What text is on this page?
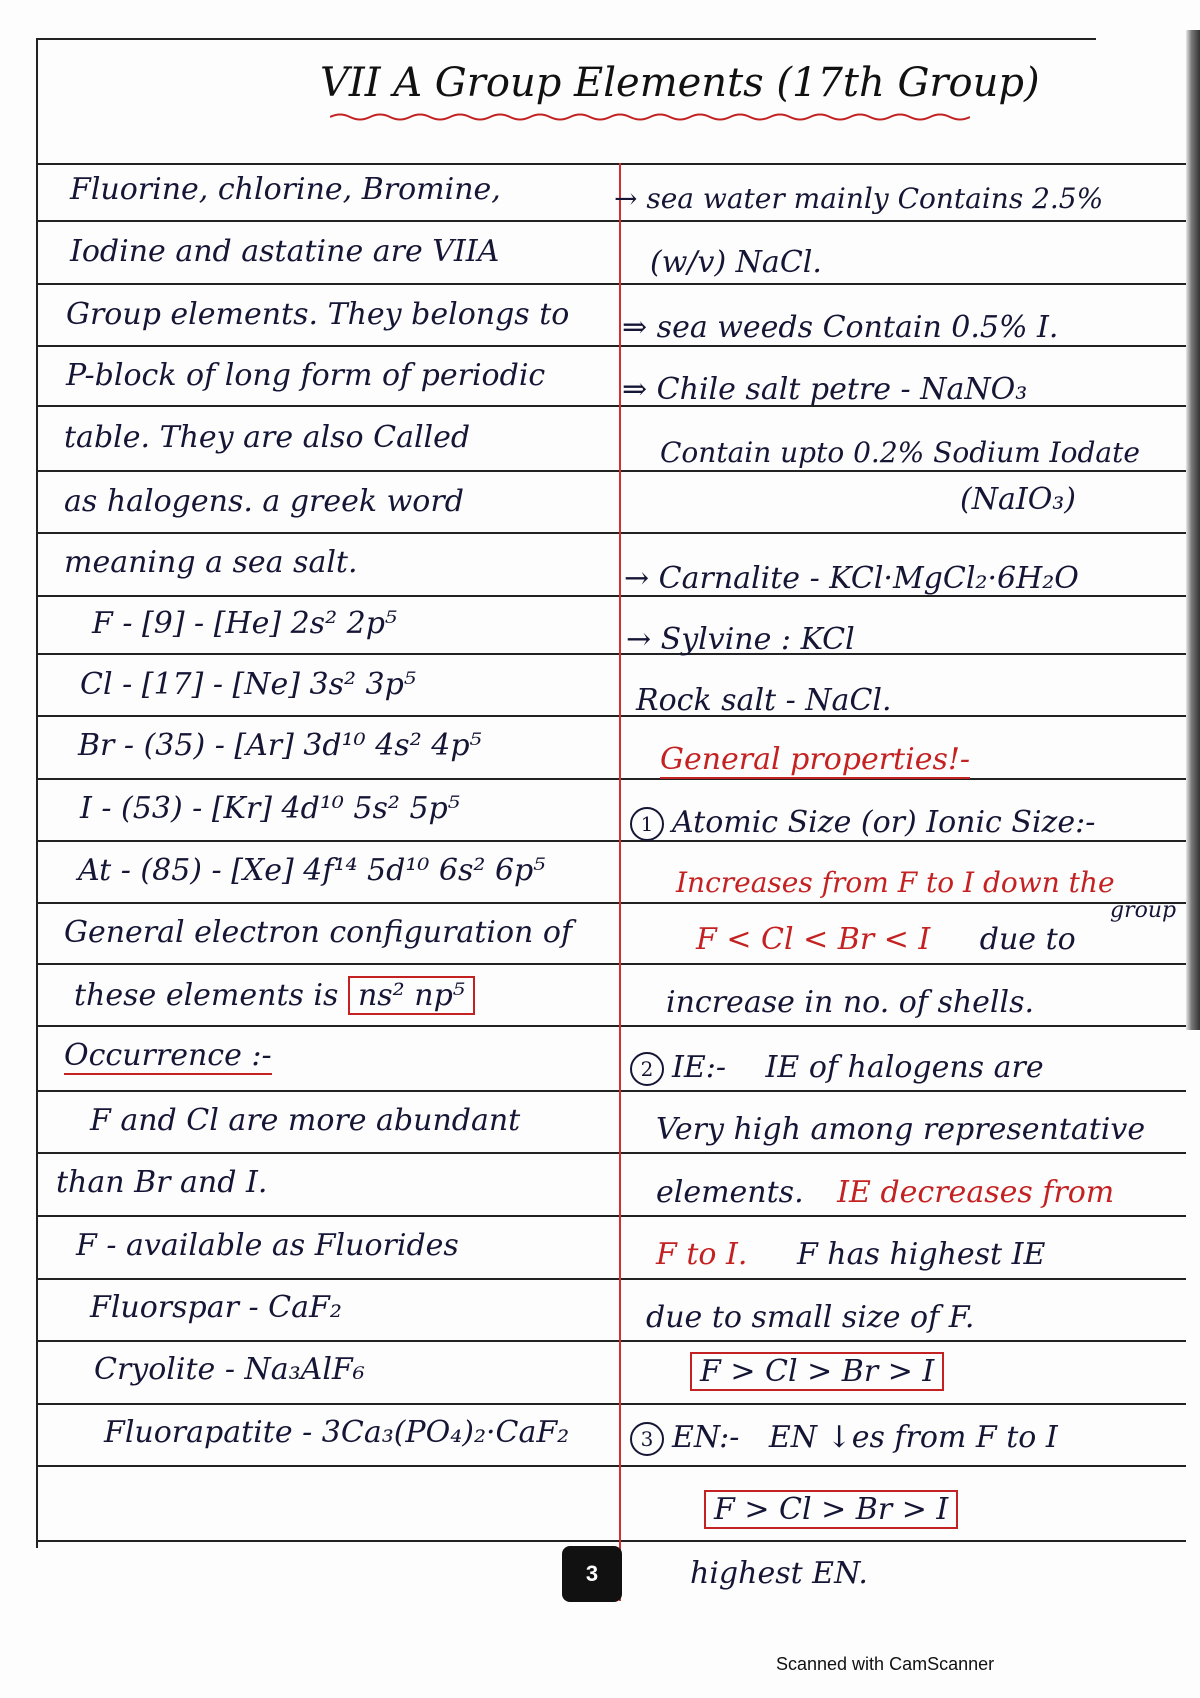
VII A Group Elements (17th Group)
Fluorine, chlorine, Bromine,
Iodine and astatine are VIIA
Group elements. They belongs to
P-block of long form of periodic
table. They are also Called
as halogens. a greek word
meaning a sea salt.
F - [9] - [He] 2s² 2p⁵
Cl - [17] - [Ne] 3s² 3p⁵
Br - (35) - [Ar] 3d¹⁰ 4s² 4p⁵
I - (53) - [Kr] 4d¹⁰ 5s² 5p⁵
At - (85) - [Xe] 4f¹⁴ 5d¹⁰ 6s² 6p⁵
General electron configuration of
these elements is ns² np⁵
Occurrence :-
F and Cl are more abundant
than Br and I.
F - available as Fluorides
Fluorspar - CaF₂
Cryolite - Na₃AlF₆
Fluorapatite - 3Ca₃(PO₄)₂·CaF₂
→ sea water mainly Contains 2.5%
(w/v) NaCl.
⇒ sea weeds Contain 0.5% I.
⇒ Chile salt petre - NaNO₃
Contain upto 0.2% Sodium Iodate
(NaIO₃)
→ Carnalite - KCl·MgCl₂·6H₂O
→ Sylvine : KCl
Rock salt - NaCl.
General properties!-
1 Atomic Size (or) Ionic Size:-
Increases from F to I down the
group
F < Cl < Br < I due to
increase in no. of shells.
2 IE:- IE of halogens are
Very high among representative
elements. IE decreases from
F to I. F has highest IE
due to small size of F.
F > Cl > Br > I
3 EN:- EN ↓es from F to I
F > Cl > Br > I
highest EN.
3
Scanned with CamScanner
